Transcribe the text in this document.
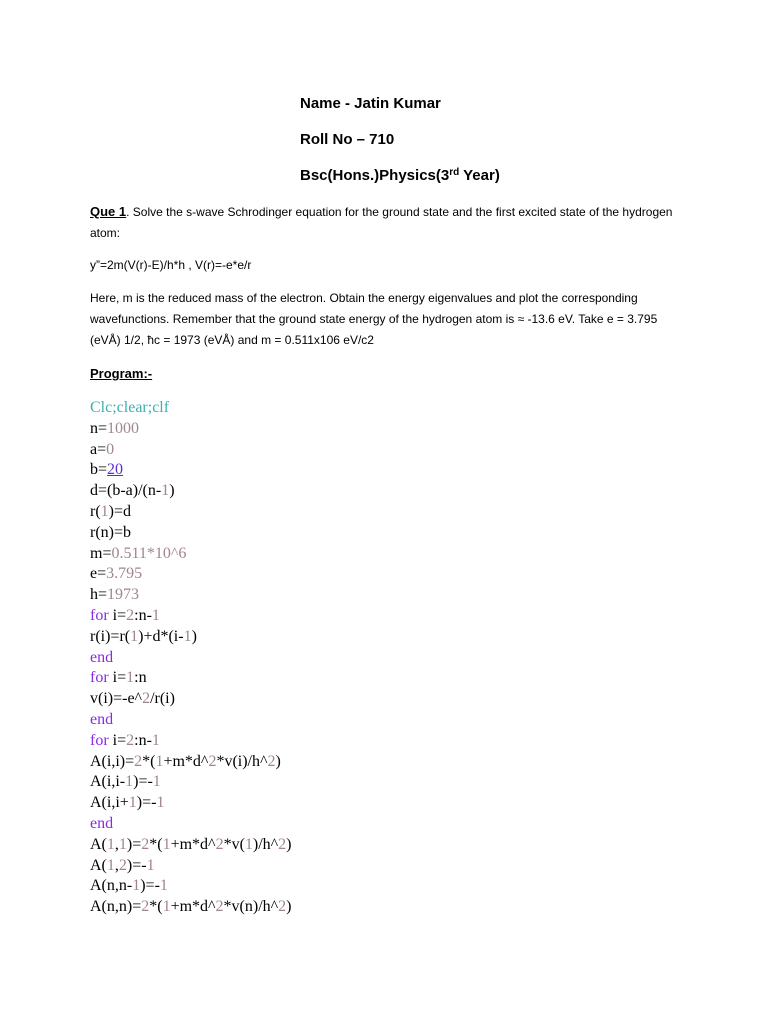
Name - Jatin Kumar
Roll No – 710
Bsc(Hons.)Physics(3rd Year)
Que 1. Solve the s-wave Schrodinger equation for the ground state and the first excited state of the hydrogen atom:
y”=2m(V(r)-E)/h*h , V(r)=-e*e/r
Here, m is the reduced mass of the electron. Obtain the energy eigenvalues and plot the corresponding wavefunctions. Remember that the ground state energy of the hydrogen atom is ≈ -13.6 eV. Take e = 3.795 (eVÅ) 1/2, ħc = 1973 (eVÅ) and m = 0.511x106 eV/c2
Program:-
Clc;clear;clf
n=1000
a=0
b=20
d=(b-a)/(n-1)
r(1)=d
r(n)=b
m=0.511*10^6
e=3.795
h=1973
for i=2:n-1
r(i)=r(1)+d*(i-1)
end
for i=1:n
v(i)=-e^2/r(i)
end
for i=2:n-1
A(i,i)=2*(1+m*d^2*v(i)/h^2)
A(i,i-1)=-1
A(i,i+1)=-1
end
A(1,1)=2*(1+m*d^2*v(1)/h^2)
A(1,2)=-1
A(n,n-1)=-1
A(n,n)=2*(1+m*d^2*v(n)/h^2)
